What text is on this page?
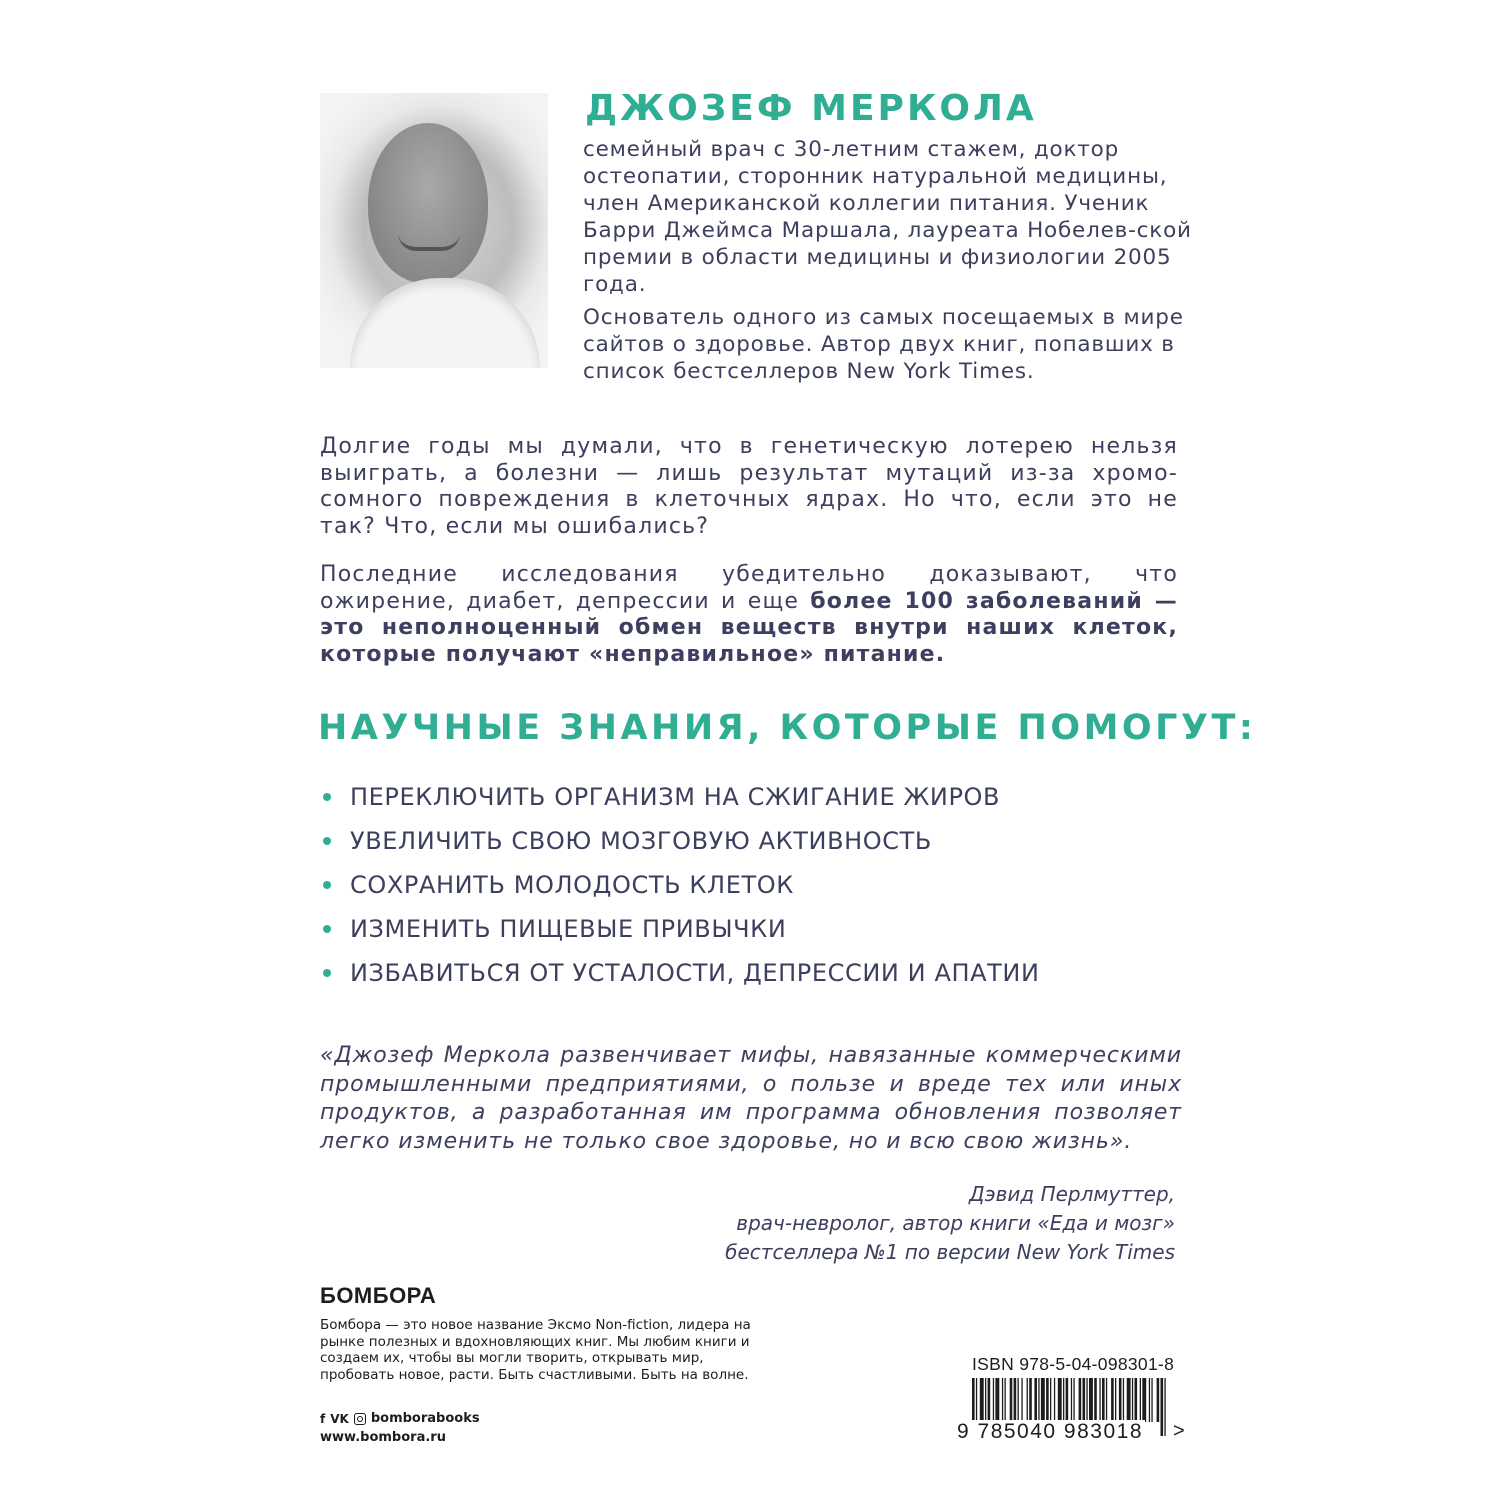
ДЖОЗЕФ МЕРКОЛА
семейный врач с 30-летним стажем, доктор остеопатии, сторонник натуральной медицины, член Американской коллегии питания. Ученик Барри Джеймса Маршала, лауреата Нобелев-ской премии в области медицины и физиологии 2005 года.
Основатель одного из самых посещаемых в мире сайтов о здоровье. Автор двух книг, попавших в список бестселлеров New York Times.
Долгие годы мы думали, что в генетическую лотерею нельзя выиграть, а болезни — лишь результат мутаций из-за хромо-сомного повреждения в клеточных ядрах. Но что, если это не так? Что, если мы ошибались?
Последние исследования убедительно доказывают, что ожирение, диабет, депрессии и еще более 100 заболеваний — это неполноценный обмен веществ внутри наших клеток, которые получают «неправильное» питание.
НАУЧНЫЕ ЗНАНИЯ, КОТОРЫЕ ПОМОГУТ:
ПЕРЕКЛЮЧИТЬ ОРГАНИЗМ НА СЖИГАНИЕ ЖИРОВ
УВЕЛИЧИТЬ СВОЮ МОЗГОВУЮ АКТИВНОСТЬ
СОХРАНИТЬ МОЛОДОСТЬ КЛЕТОК
ИЗМЕНИТЬ ПИЩЕВЫЕ ПРИВЫЧКИ
ИЗБАВИТЬСЯ ОТ УСТАЛОСТИ, ДЕПРЕССИИ И АПАТИИ
«Джозеф Меркола развенчивает мифы, навязанные коммерческими промышленными предприятиями, о пользе и вреде тех или иных продуктов, а разработанная им программа обновления позволяет легко изменить не только свое здоровье, но и всю свою жизнь».
Дэвид Перлмуттер,
врач-невролог, автор книги «Еда и мозг»
бестселлера №1 по версии New York Times
БОМБОРА
Бомбора — это новое название Эксмо Non-fiction, лидера на рынке полезных и вдохновляющих книг. Мы любим книги и создаем их, чтобы вы могли творить, открывать мир, пробовать новое, расти. Быть счастливыми. Быть на волне.
f VK bomborabooks
www.bombora.ru
ISBN 978-5-04-098301-8
9 785040 983018 >
